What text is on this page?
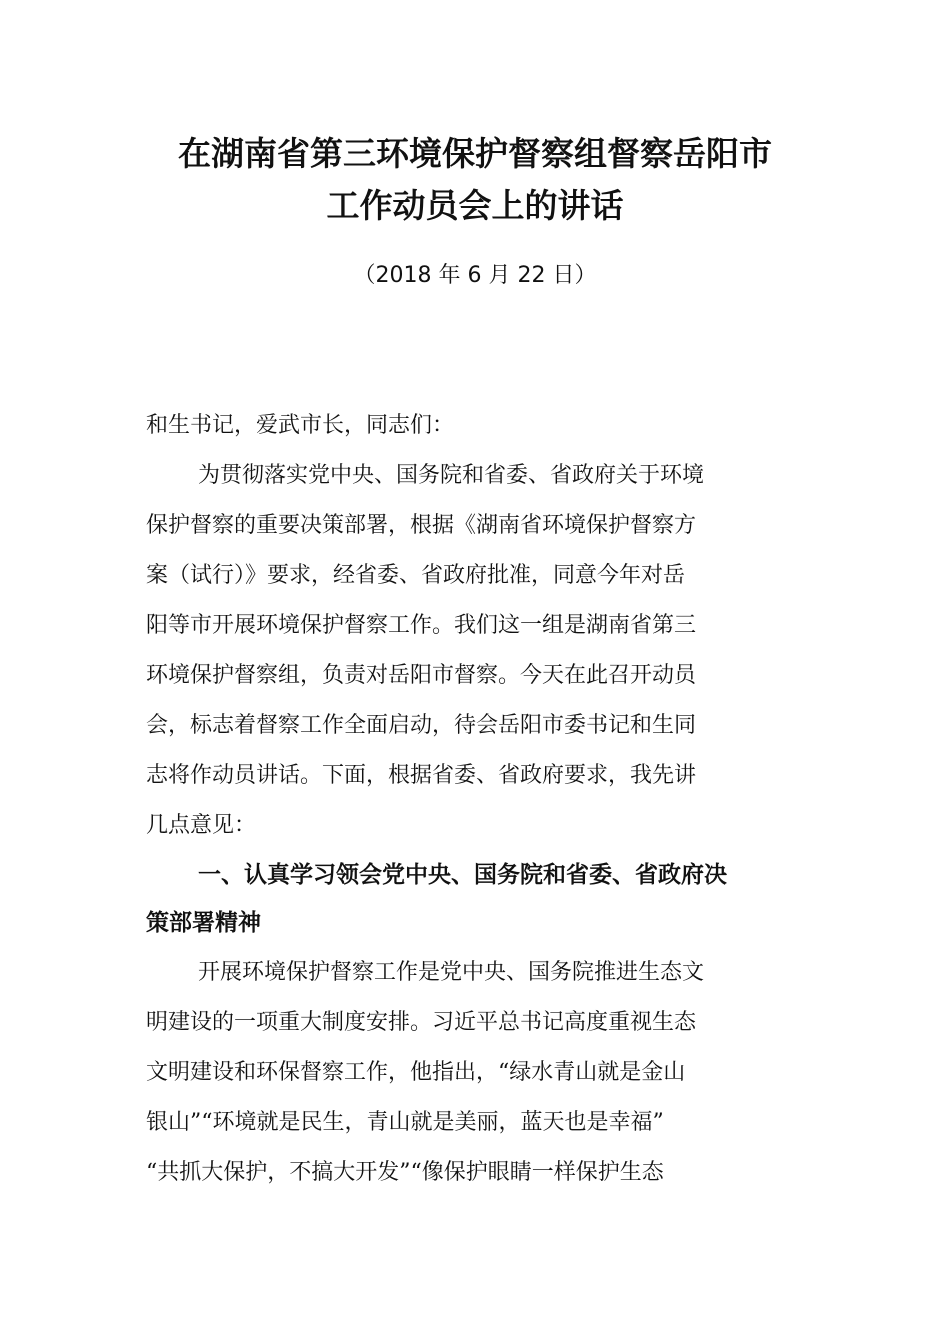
在湖南省第三环境保护督察组督察岳阳市
工作动员会上的讲话
（2018 年 6 月 22 日）
和生书记，爱武市长，同志们：
为贯彻落实党中央、国务院和省委、省政府关于环境
保护督察的重要决策部署，根据《湖南省环境保护督察方
案（试行）》要求，经省委、省政府批准，同意今年对岳
阳等市开展环境保护督察工作。我们这一组是湖南省第三
环境保护督察组，负责对岳阳市督察。今天在此召开动员
会，标志着督察工作全面启动，待会岳阳市委书记和生同
志将作动员讲话。下面，根据省委、省政府要求，我先讲
几点意见：
一、认真学习领会党中央、国务院和省委、省政府决
策部署精神
开展环境保护督察工作是党中央、国务院推进生态文
明建设的一项重大制度安排。习近平总书记高度重视生态
文明建设和环保督察工作，他指出，“绿水青山就是金山
银山”“环境就是民生，青山就是美丽，蓝天也是幸福”
“共抓大保护，不搞大开发”“像保护眼睛一样保护生态
